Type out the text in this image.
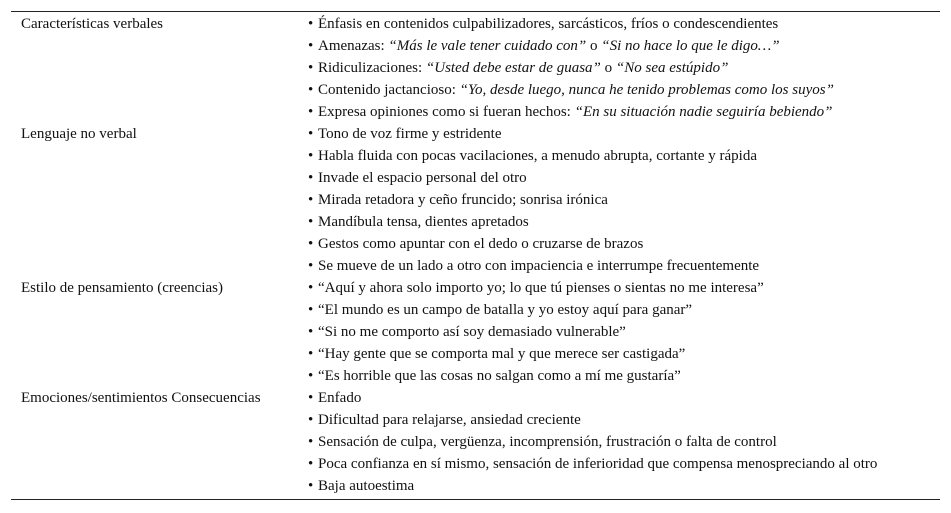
Características verbales	• Énfasis en contenidos culpabilizadores, sarcásticos, fríos o condescendientes
• Amenazas: “Más le vale tener cuidado con” o “Si no hace lo que le digo…”
• Ridiculizaciones: “Usted debe estar de guasa” o “No sea estúpido”
• Contenido jactancioso: “Yo, desde luego, nunca he tenido problemas como los suyos”
• Expresa opiniones como si fueran hechos: “En su situación nadie seguiría bebiendo”
Lenguaje no verbal	• Tono de voz firme y estridente
• Habla fluida con pocas vacilaciones, a menudo abrupta, cortante y rápida
• Invade el espacio personal del otro
• Mirada retadora y ceño fruncido; sonrisa irónica
• Mandíbula tensa, dientes apretados
• Gestos como apuntar con el dedo o cruzarse de brazos
• Se mueve de un lado a otro con impaciencia e interrumpe frecuentemente
Estilo de pensamiento (creencias)	• “Aquí y ahora solo importo yo; lo que tú pienses o sientas no me interesa”
• “El mundo es un campo de batalla y yo estoy aquí para ganar”
• “Si no me comporto así soy demasiado vulnerable”
• “Hay gente que se comporta mal y que merece ser castigada”
• “Es horrible que las cosas no salgan como a mí me gustaría”
Emociones/sentimientos Consecuencias	• Enfado
• Dificultad para relajarse, ansiedad creciente
• Sensación de culpa, vergüenza, incomprensión, frustración o falta de control
• Poca confianza en sí mismo, sensación de inferioridad que compensa menospreciando al otro
• Baja autoestima
